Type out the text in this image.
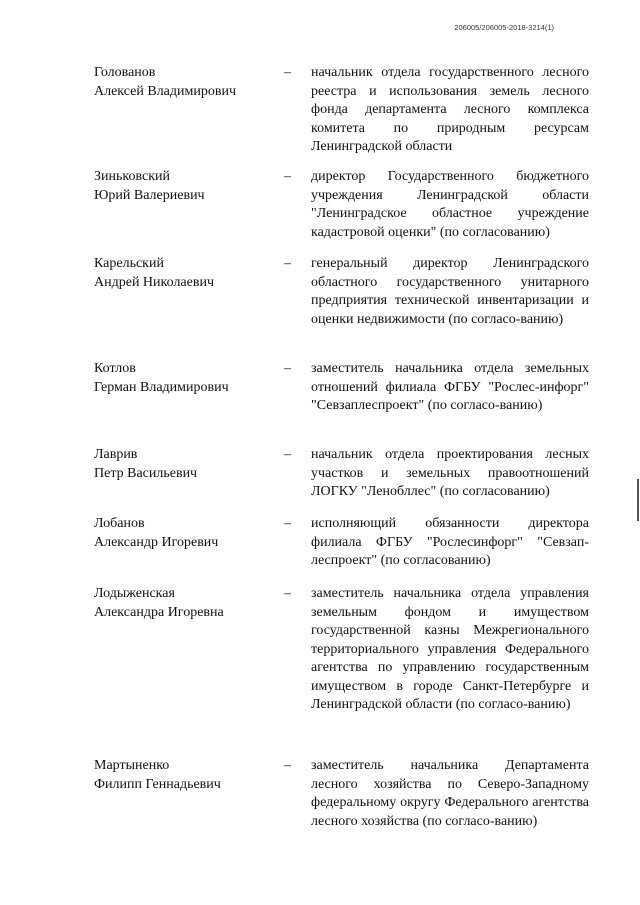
206005/206005-2018-3214(1)
Голованов
Алексей Владимирович
– начальник отдела государственного лесного реестра и использования земель лесного фонда департамента лесного комплекса комитета по природным ресурсам Ленинградской области
Зиньковский
Юрий Валериевич
– директор Государственного бюджетного учреждения Ленинградской области "Ленинградское областное учреждение кадастровой оценки" (по согласованию)
Карельский
Андрей Николаевич
– генеральный директор Ленинградского областного государственного унитарного предприятия технической инвентаризации и оценки недвижимости (по согласо-ванию)
Котлов
Герман Владимирович
– заместитель начальника отдела земельных отношений филиала ФГБУ "Рослес-инфорг" "Севзаплеспроект" (по согласо-ванию)
Лаврив
Петр Васильевич
– начальник отдела проектирования лесных участков и земельных правоотношений ЛОГКУ "Ленобллес" (по согласованию)
Лобанов
Александр Игоревич
– исполняющий обязанности директора филиала ФГБУ "Рослесинфорг" "Севзап-леспроект" (по согласованию)
Лодыженская
Александра Игоревна
– заместитель начальника отдела управления земельным фондом и имуществом государственной казны Межрегионального территориального управления Федерального агентства по управлению государственным имуществом в городе Санкт-Петербурге и Ленинградской области (по согласо-ванию)
Мартыненко
Филипп Геннадьевич
– заместитель начальника Департамента лесного хозяйства по Северо-Западному федеральному округу Федерального агентства лесного хозяйства (по согласо-ванию)
